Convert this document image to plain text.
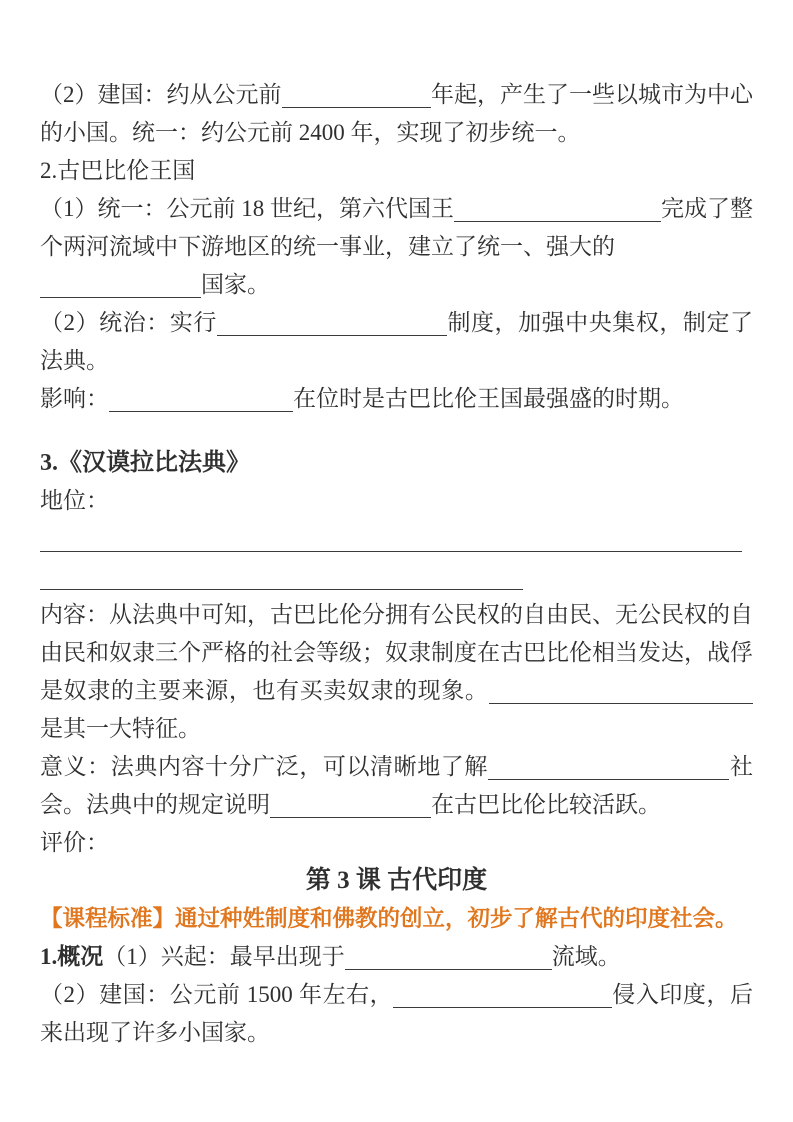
（2）建国：约从公元前	年起，产生了一些以城市为中心的小国。统一：约公元前 2400 年，实现了初步统一。

2.古巴比伦王国

（1）统一：公元前 18 世纪，第六代国王	完成了整个两河流域中下游地区的统一事业，建立了统一、强大的

国家。

（2）统治：实行	制度，加强中央集权，制定了法典。

影响：	在位时是古巴比伦王国最强盛的时期。

3.《汉谟拉比法典》

地位：

内容：从法典中可知，古巴比伦分拥有公民权的自由民、无公民权的自由民和奴隶三个严格的社会等级；奴隶制度在古巴比伦相当发达，战俘是奴隶的主要来源，也有买卖奴隶的现象。是其一大特征。

意义：法典内容十分广泛，可以清晰地了解	社会。法典中的规定说明	在古巴比伦比较活跃。

评价：

第 3 课 古代印度

【课程标准】通过种姓制度和佛教的创立，初步了解古代的印度社会。

1.概况（1）兴起：最早出现于	流域。

（2）建国：公元前 1500 年左右，	侵入印度，后来出现了许多小国家。
